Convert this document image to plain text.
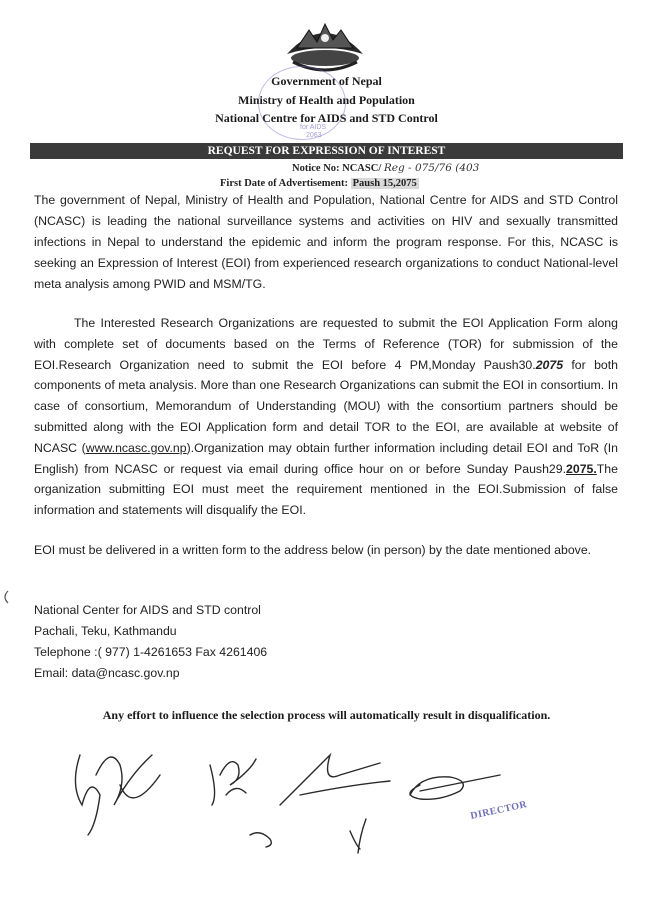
Government of Nepal
Ministry of Health and Population
National Centre for AIDS and STD Control
for AIDS
2063
REQUEST FOR EXPRESSION OF INTEREST
Notice No: NCASC/ Reg - 075/76 (403
First Date of Advertisement: Paush 15,2075
The government of Nepal, Ministry of Health and Population, National Centre for AIDS and STD Control (NCASC) is leading the national surveillance systems and activities on HIV and sexually transmitted infections in Nepal to understand the epidemic and inform the program response. For this, NCASC is seeking an Expression of Interest (EOI) from experienced research organizations to conduct National-level meta analysis among PWID and MSM/TG.
The Interested Research Organizations are requested to submit the EOI Application Form along with complete set of documents based on the Terms of Reference (TOR) for submission of the EOI.Research Organization need to submit the EOI before 4 PM,Monday Paush30.2075 for both components of meta analysis. More than one Research Organizations can submit the EOI in consortium. In case of consortium, Memorandum of Understanding (MOU) with the consortium partners should be submitted along with the EOI Application form and detail TOR to the EOI, are available at website of NCASC (www.ncasc.gov.np).Organization may obtain further information including detail EOI and ToR (In English) from NCASC or request via email during office hour on or before Sunday Paush29.2075.The organization submitting EOI must meet the requirement mentioned in the EOI.Submission of false information and statements will disqualify the EOI.
EOI must be delivered in a written form to the address below (in person) by the date mentioned above.
National Center for AIDS and STD control
Pachali, Teku, Kathmandu
Telephone :( 977) 1-4261653 Fax 4261406
Email: data@ncasc.gov.np
Any effort to influence the selection process will automatically result in disqualification.
DIRECTOR
